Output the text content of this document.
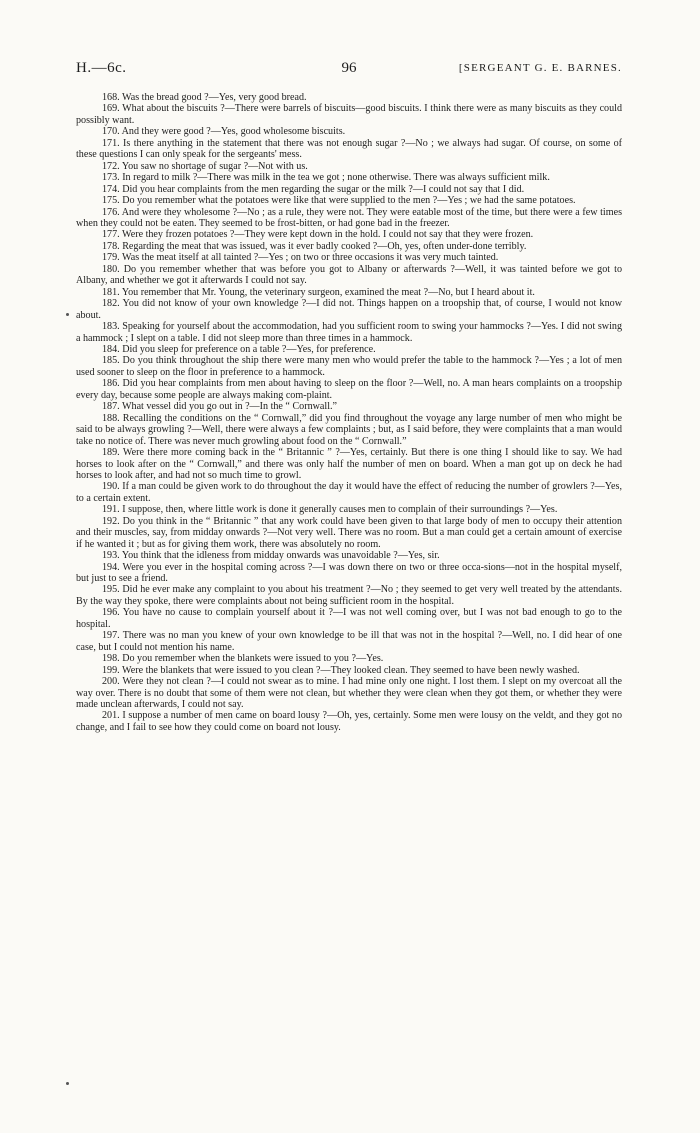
H.—6c.	96	[SERGEANT G. E. BARNES.

168. Was the bread good ?—Yes, very good bread.

169. What about the biscuits ?—There were barrels of biscuits—good biscuits. I think there were as many biscuits as they could possibly want.

170. And they were good ?—Yes, good wholesome biscuits.

171. Is there anything in the statement that there was not enough sugar ?—No ; we always had sugar. Of course, on some of these questions I can only speak for the sergeants' mess.

172. You saw no shortage of sugar ?—Not with us.

173. In regard to milk ?—There was milk in the tea we got ; none otherwise. There was always sufficient milk.

174. Did you hear complaints from the men regarding the sugar or the milk ?—I could not say that I did.

175. Do you remember what the potatoes were like that were supplied to the men ?—Yes ; we had the same potatoes.

176. And were they wholesome ?—No ; as a rule, they were not. They were eatable most of the time, but there were a few times when they could not be eaten. They seemed to be frost-bitten, or had gone bad in the freezer.

177. Were they frozen potatoes ?—They were kept down in the hold. I could not say that they were frozen.

178. Regarding the meat that was issued, was it ever badly cooked ?—Oh, yes, often under-done terribly.

179. Was the meat itself at all tainted ?—Yes ; on two or three occasions it was very much tainted.

180. Do you remember whether that was before you got to Albany or afterwards ?—Well, it was tainted before we got to Albany, and whether we got it afterwards I could not say.

181. You remember that Mr. Young, the veterinary surgeon, examined the meat ?—No, but I heard about it.

182. You did not know of your own knowledge ?—I did not. Things happen on a troopship that, of course, I would not know about.

183. Speaking for yourself about the accommodation, had you sufficient room to swing your hammocks ?—Yes. I did not swing a hammock ; I slept on a table. I did not sleep more than three times in a hammock.

184. Did you sleep for preference on a table ?—Yes, for preference.

185. Do you think throughout the ship there were many men who would prefer the table to the hammock ?—Yes ; a lot of men used sooner to sleep on the floor in preference to a hammock.

186. Did you hear complaints from men about having to sleep on the floor ?—Well, no. A man hears complaints on a troopship every day, because some people are always making com-plaint.

187. What vessel did you go out in ?—In the “ Cornwall.”

188. Recalling the conditions on the “ Cornwall,” did you find throughout the voyage any large number of men who might be said to be always growling ?—Well, there were always a few complaints ; but, as I said before, they were complaints that a man would take no notice of. There was never much growling about food on the “ Cornwall.”

189. Were there more coming back in the “ Britannic ” ?—Yes, certainly. But there is one thing I should like to say. We had horses to look after on the “ Cornwall,” and there was only half the number of men on board. When a man got up on deck he had horses to look after, and had not so much time to growl.

190. If a man could be given work to do throughout the day it would have the effect of reducing the number of growlers ?—Yes, to a certain extent.

191. I suppose, then, where little work is done it generally causes men to complain of their surroundings ?—Yes.

192. Do you think in the “ Britannic ” that any work could have been given to that large body of men to occupy their attention and their muscles, say, from midday onwards ?—Not very well. There was no room. But a man could get a certain amount of exercise if he wanted it ; but as for giving them work, there was absolutely no room.

193. You think that the idleness from midday onwards was unavoidable ?—Yes, sir.

194. Were you ever in the hospital coming across ?—I was down there on two or three occa-sions—not in the hospital myself, but just to see a friend.

195. Did he ever make any complaint to you about his treatment ?—No ; they seemed to get very well treated by the attendants. By the way they spoke, there were complaints about not being sufficient room in the hospital.

196. You have no cause to complain yourself about it ?—I was not well coming over, but I was not bad enough to go to the hospital.

197. There was no man you knew of your own knowledge to be ill that was not in the hospital ?—Well, no. I did hear of one case, but I could not mention his name.

198. Do you remember when the blankets were issued to you ?—Yes.

199. Were the blankets that were issued to you clean ?—They looked clean. They seemed to have been newly washed.

200. Were they not clean ?—I could not swear as to mine. I had mine only one night. I lost them. I slept on my overcoat all the way over. There is no doubt that some of them were not clean, but whether they were clean when they got them, or whether they were made unclean afterwards, I could not say.

201. I suppose a number of men came on board lousy ?—Oh, yes, certainly. Some men were lousy on the veldt, and they got no change, and I fail to see how they could come on board not lousy.
